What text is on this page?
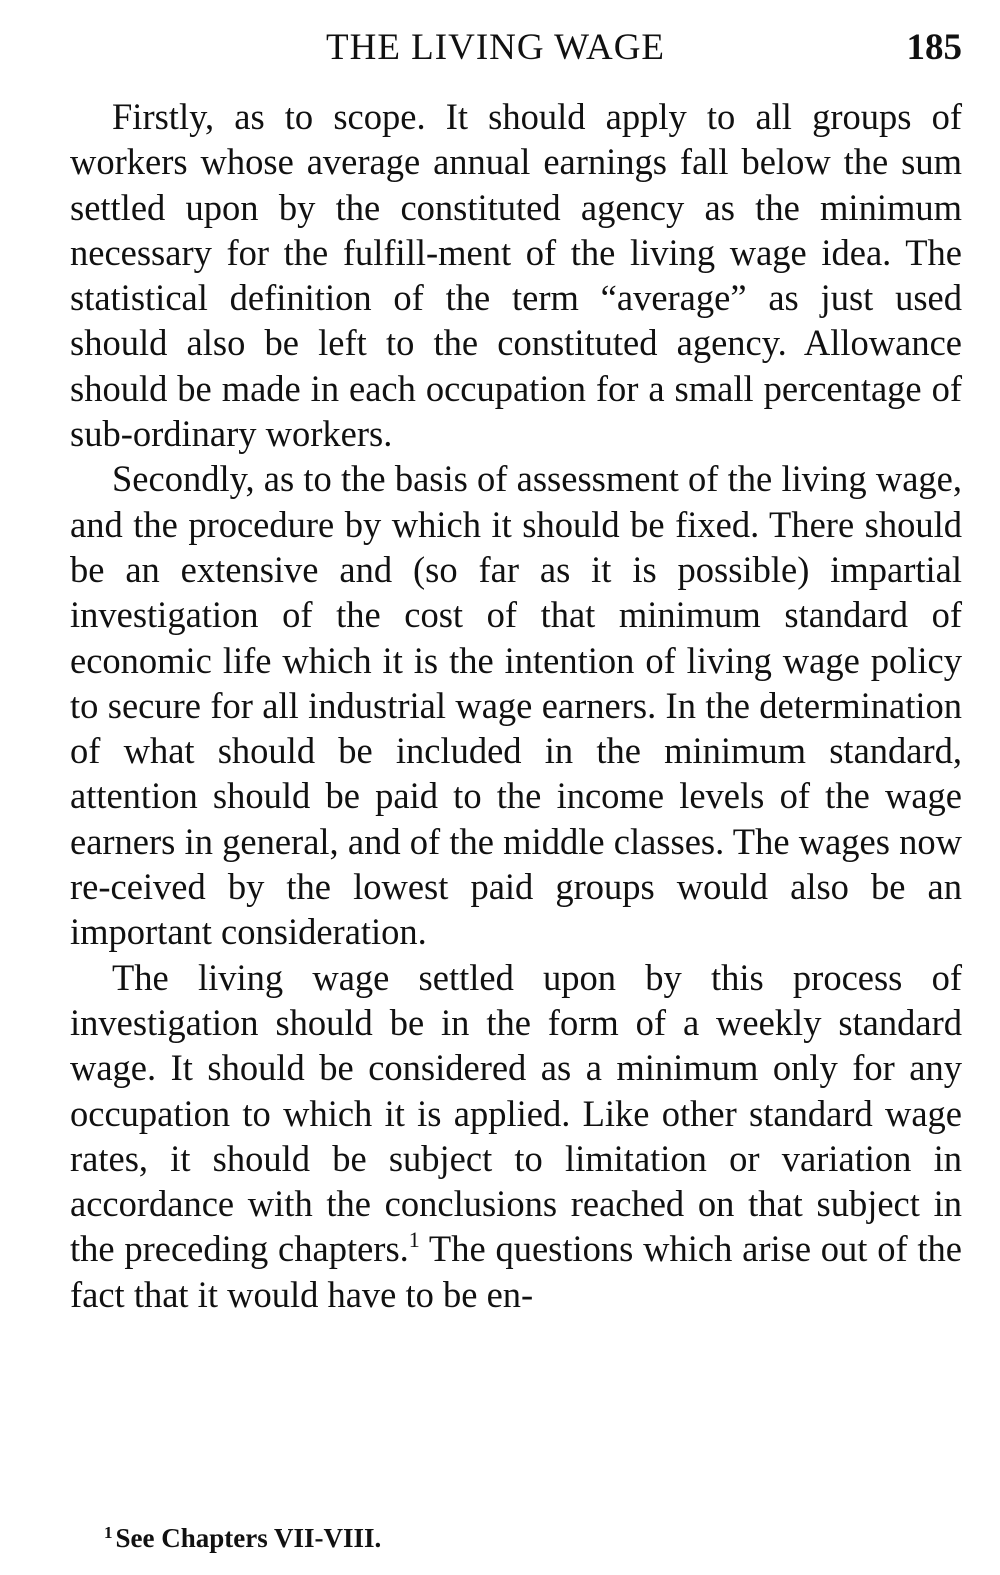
THE LIVING WAGE	185

Firstly, as to scope. It should apply to all groups of workers whose average annual earnings fall below the sum settled upon by the constituted agency as the minimum necessary for the fulfill-ment of the living wage idea. The statistical definition of the term “average” as just used should also be left to the constituted agency. Allowance should be made in each occupation for a small percentage of sub-ordinary workers.

Secondly, as to the basis of assessment of the living wage, and the procedure by which it should be fixed. There should be an extensive and (so far as it is possible) impartial investigation of the cost of that minimum standard of economic life which it is the intention of living wage policy to secure for all industrial wage earners. In the determination of what should be included in the minimum standard, attention should be paid to the income levels of the wage earners in general, and of the middle classes. The wages now re-ceived by the lowest paid groups would also be an important consideration.

The living wage settled upon by this process of investigation should be in the form of a weekly standard wage. It should be considered as a minimum only for any occupation to which it is applied. Like other standard wage rates, it should be subject to limitation or variation in accordance with the conclusions reached on that subject in the preceding chapters.$^1$ The questions which arise out of the fact that it would have to be en-

$^1$ See Chapters VII-VIII.
